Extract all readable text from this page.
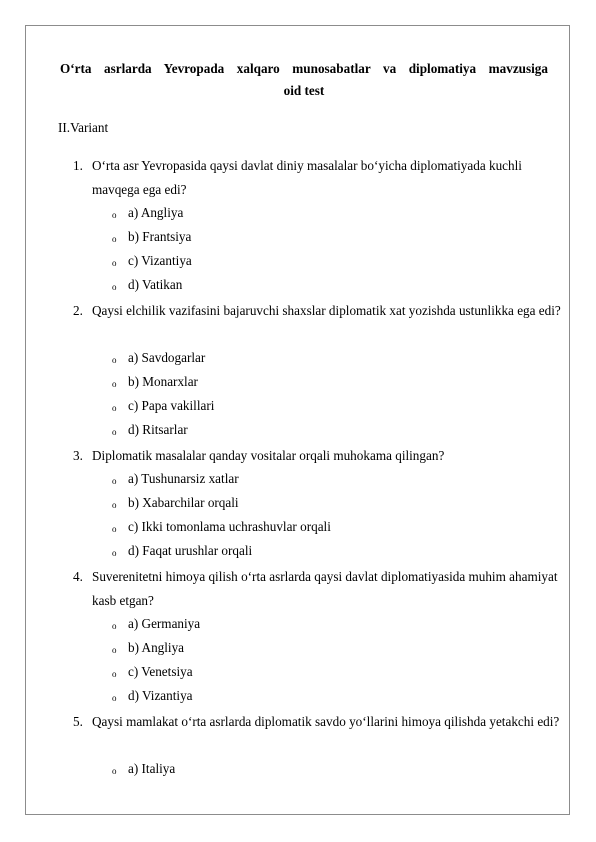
O‘rta asrlarda Yevropada xalqaro munosabatlar va diplomatiya mavzusiga
oid test
II.Variant
1. O‘rta asr Yevropasida qaysi davlat diniy masalalar bo‘yicha diplomatiyada kuchli mavqega ega edi?
o a) Angliya
o b) Frantsiya
o c) Vizantiya
o d) Vatikan
2. Qaysi elchilik vazifasini bajaruvchi shaxslar diplomatik xat yozishda ustunlikka ega edi?
o a) Savdogarlar
o b) Monarxlar
o c) Papa vakillari
o d) Ritsarlar
3. Diplomatik masalalar qanday vositalar orqali muhokama qilingan?
o a) Tushunarsiz xatlar
o b) Xabarchilar orqali
o c) Ikki tomonlama uchrashuvlar orqali
o d) Faqat urushlar orqali
4. Suverenitetni himoya qilish o‘rta asrlarda qaysi davlat diplomatiyasida muhim ahamiyat kasb etgan?
o a) Germaniya
o b) Angliya
o c) Venetsiya
o d) Vizantiya
5. Qaysi mamlakat o‘rta asrlarda diplomatik savdo yo‘llarini himoya qilishda yetakchi edi?
o a) Italiya
